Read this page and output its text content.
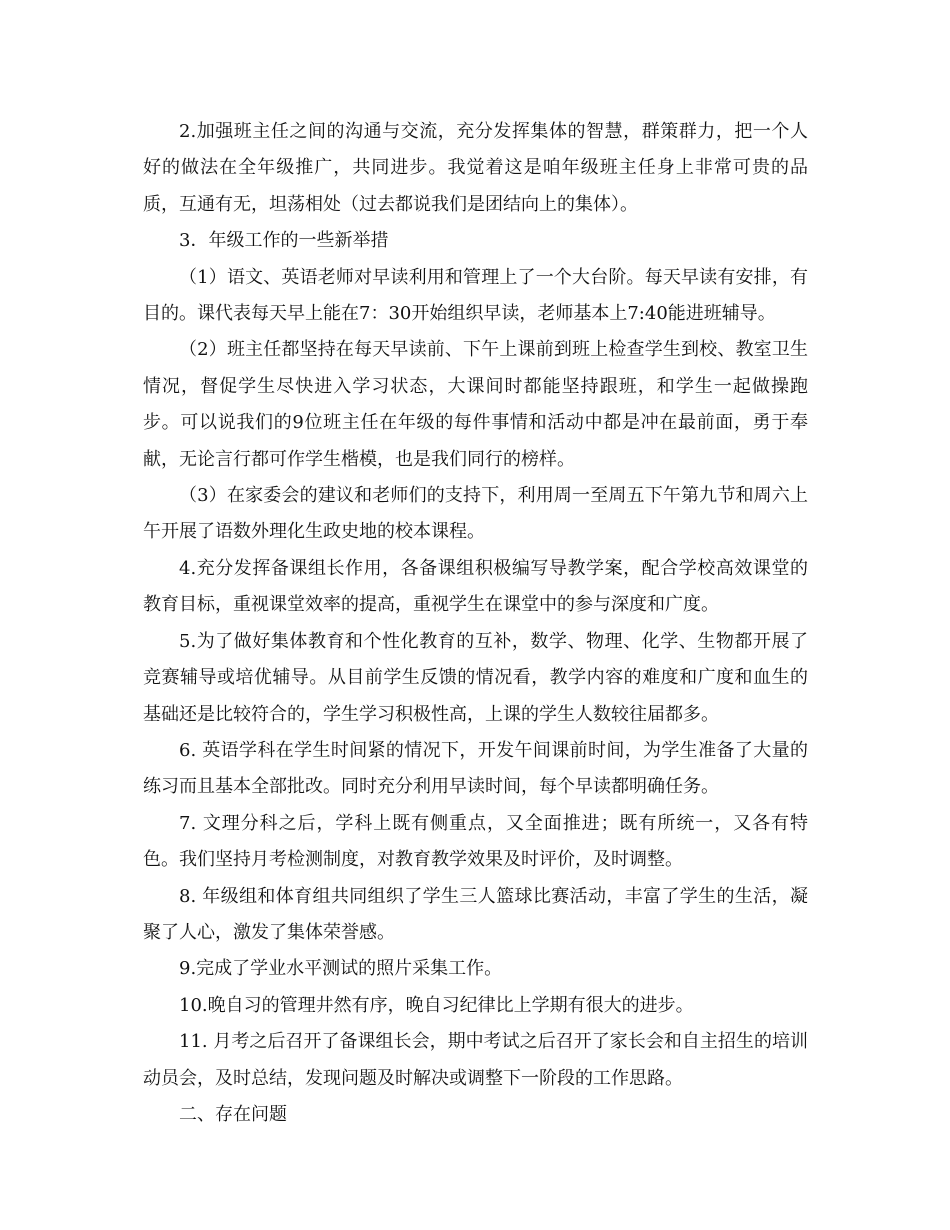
2.加强班主任之间的沟通与交流，充分发挥集体的智慧，群策群力，把一个人好的做法在全年级推广，共同进步。我觉着这是咱年级班主任身上非常可贵的品质，互通有无，坦荡相处（过去都说我们是团结向上的集体）。

3．年级工作的一些新举措

（1）语文、英语老师对早读利用和管理上了一个大台阶。每天早读有安排，有目的。课代表每天早上能在7：30开始组织早读，老师基本上7:40能进班辅导。

（2）班主任都坚持在每天早读前、下午上课前到班上检查学生到校、教室卫生情况，督促学生尽快进入学习状态，大课间时都能坚持跟班，和学生一起做操跑步。可以说我们的9位班主任在年级的每件事情和活动中都是冲在最前面，勇于奉献，无论言行都可作学生楷模，也是我们同行的榜样。

（3）在家委会的建议和老师们的支持下，利用周一至周五下午第九节和周六上午开展了语数外理化生政史地的校本课程。

4.充分发挥备课组长作用，各备课组积极编写导教学案，配合学校高效课堂的教育目标，重视课堂效率的提高，重视学生在课堂中的参与深度和广度。

5.为了做好集体教育和个性化教育的互补，数学、物理、化学、生物都开展了竞赛辅导或培优辅导。从目前学生反馈的情况看，教学内容的难度和广度和血生的基础还是比较符合的，学生学习积极性高，上课的学生人数较往届都多。

6. 英语学科在学生时间紧的情况下，开发午间课前时间，为学生准备了大量的练习而且基本全部批改。同时充分利用早读时间，每个早读都明确任务。

7. 文理分科之后，学科上既有侧重点，又全面推进；既有所统一，又各有特色。我们坚持月考检测制度，对教育教学效果及时评价，及时调整。

8. 年级组和体育组共同组织了学生三人篮球比赛活动，丰富了学生的生活，凝聚了人心，激发了集体荣誉感。

9.完成了学业水平测试的照片采集工作。

10.晚自习的管理井然有序，晚自习纪律比上学期有很大的进步。

11. 月考之后召开了备课组长会，期中考试之后召开了家长会和自主招生的培训动员会，及时总结，发现问题及时解决或调整下一阶段的工作思路。

二、存在问题
